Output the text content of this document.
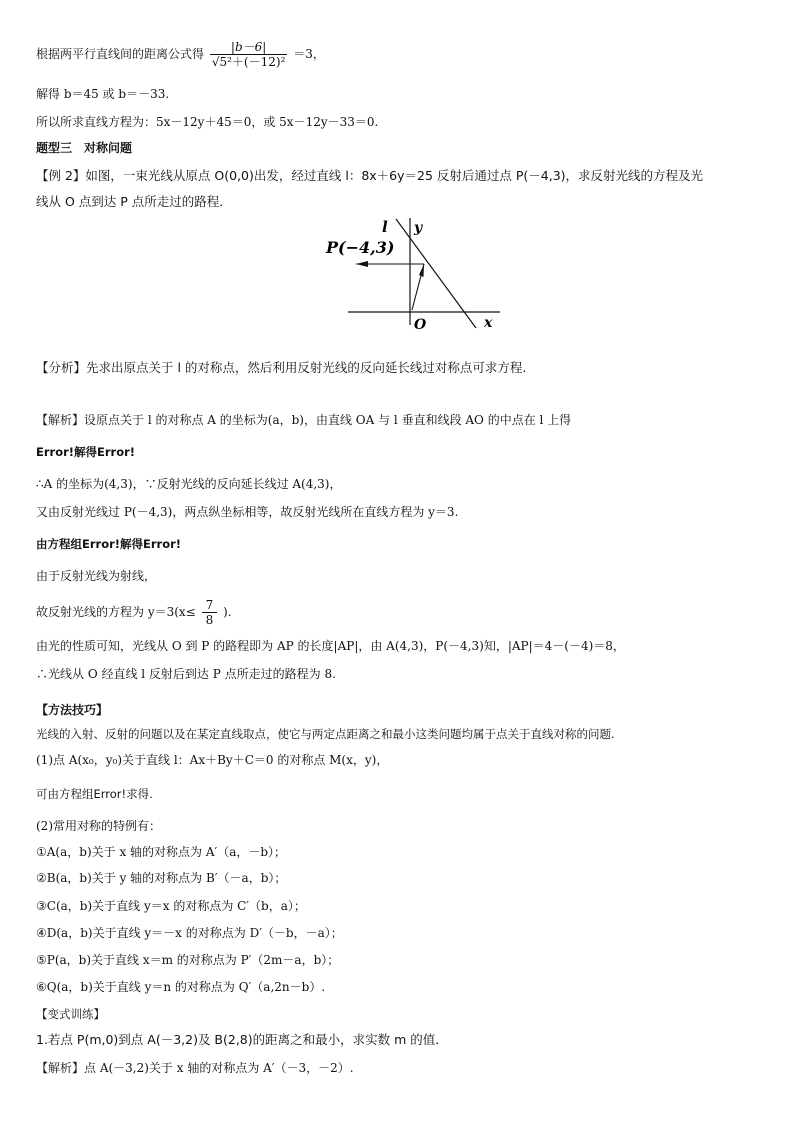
根据两平行直线间的距离公式得 $\frac{|b-6|}{\text{√5²＋(－12)²}} =3$，
解得 b＝45 或 b＝－33.
所以所求直线方程为：5x－12y＋45＝0，或 5x－12y－33＝0.
题型三　对称问题
【例 2】如图，一束光线从原点 O(0,0)出发，经过直线 l：8x＋6y＝25 反射后通过点 P(－4,3)，求反射光线的方程及光
线从 O 点到达 P 点所走过的路程．
l y
P(−4,3)
O	x
【分析】先求出原点关于 l 的对称点，然后利用反射光线的反向延长线过对称点可求方程.
【解析】设原点关于 l 的对称点 A 的坐标为(a，b)，由直线 OA 与 l 垂直和线段 AO 的中点在 l 上得
Error!解得Error!
∴A 的坐标为(4,3)，∵反射光线的反向延长线过 A(4,3)，
又由反射光线过 P(－4,3)，两点纵坐标相等，故反射光线所在直线方程为 y＝3.
由方程组Error!解得Error!
由于反射光线为射线，
故反射光线的方程为 $y=3(x\le \frac{7}{8}$ ).
由光的性质可知，光线从 O 到 P 的路程即为 AP 的长度|AP|，由 A(4,3)，P(－4,3)知，|AP|＝4－(－4)＝8，
∴光线从 O 经直线 l 反射后到达 P 点所走过的路程为 8.
【方法技巧】
光线的入射、反射的问题以及在某定直线取点，使它与两定点距离之和最小这类问题均属于点关于直线对称的问题.
(1)点 A(x₀，y₀)关于直线 l：Ax＋By＋C＝0 的对称点 M(x，y)，
可由方程组Error!求得.
(2)常用对称的特例有：
①A(a，b)关于 x 轴的对称点为 A′（a，－b）；
②B(a，b)关于 y 轴的对称点为 B′（－a，b）；
③C(a，b)关于直线 y＝x 的对称点为 C′（b，a）；
④D(a，b)关于直线 y＝－x 的对称点为 D′（－b，－a）；
⑤P(a，b)关于直线 x＝m 的对称点为 P′（2m－a，b）；
⑥Q(a，b)关于直线 y＝n 的对称点为 Q′（a,2n－b）.
【变式训练】
1.若点 P(m,0)到点 A(－3,2)及 B(2,8)的距离之和最小，求实数 m 的值．
【解析】点 A(－3,2)关于 x 轴的对称点为 A′（－3，－2）.
